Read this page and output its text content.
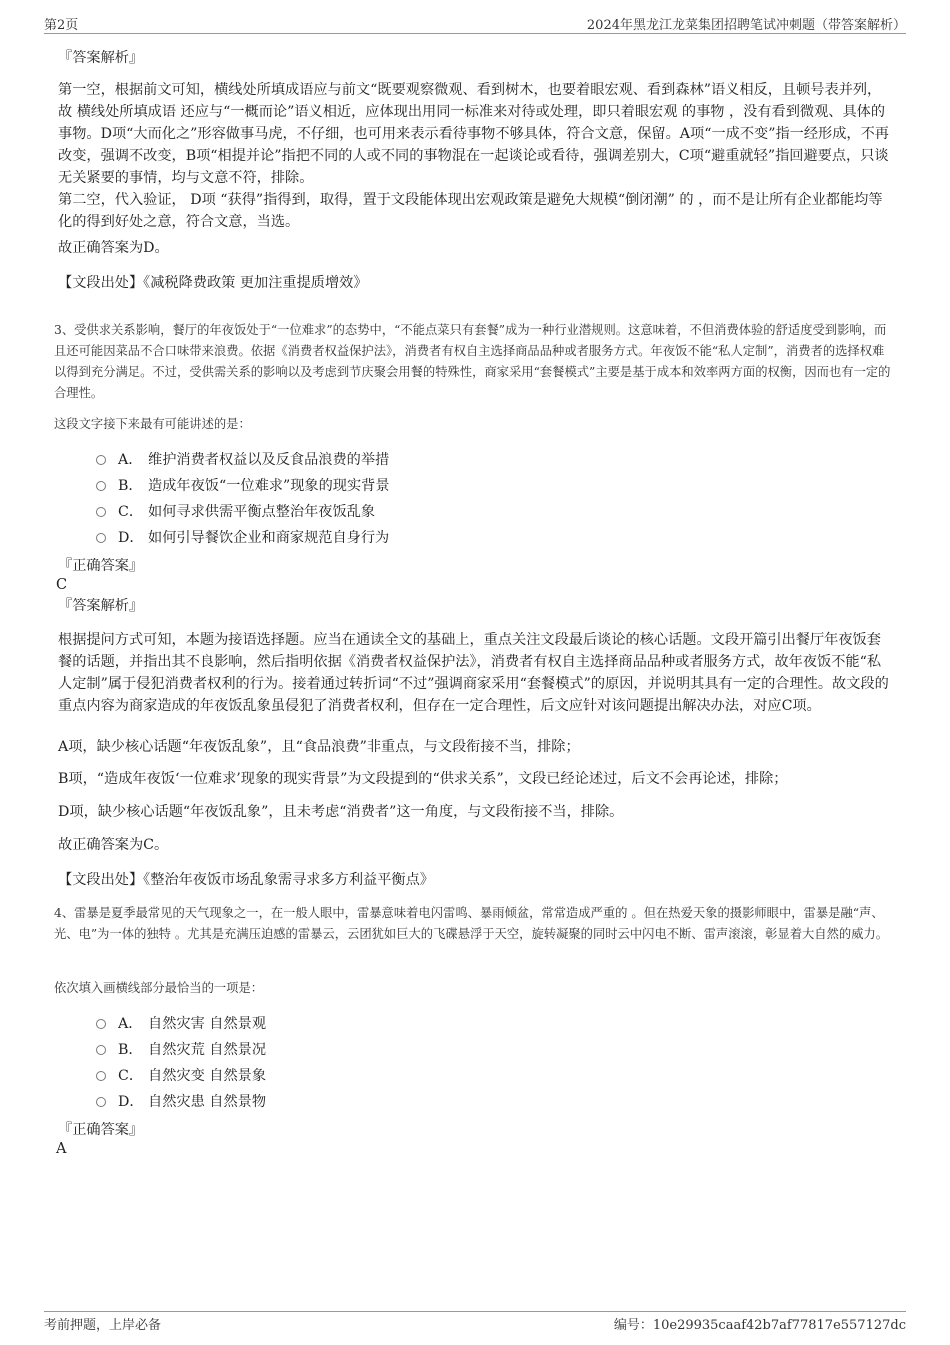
第2页	2024年黑龙江龙菜集团招聘笔试冲刺题（带答案解析）
『答案解析』
第一空，根据前文可知，横线处所填成语应与前文“既要观察微观、看到树木，也要着眼宏观、看到森林”语义相反，且顿号表并列，故 横线处所填成语 还应与“一概而论”语义相近，应体现出用同一标准来对待或处理，即只着眼宏观 的事物 ，没有看到微观、具体的事物。D项“大而化之”形容做事马虎，不仔细，也可用来表示看待事物不够具体，符合文意，保留。A项“一成不变”指一经形成，不再改变，强调不改变，B项“相提并论”指把不同的人或不同的事物混在一起谈论或看待，强调差别大，C项“避重就轻”指回避要点，只谈无关紧要的事情，均与文意不符，排除。
第二空，代入验证， D项 “获得”指得到，取得，置于文段能体现出宏观政策是避免大规模“倒闭潮” 的 ，而不是让所有企业都能均等化的得到好处之意，符合文意，当选。
故正确答案为D。
【文段出处】《减税降费政策 更加注重提质增效》
3、受供求关系影响，餐厅的年夜饭处于“一位难求”的态势中，“不能点菜只有套餐”成为一种行业潜规则。这意味着，不但消费体验的舒适度受到影响，而且还可能因菜品不合口味带来浪费。依据《消费者权益保护法》，消费者有权自主选择商品品种或者服务方式。年夜饭不能“私人定制”，消费者的选择权难以得到充分满足。不过，受供需关系的影响以及考虑到节庆聚会用餐的特殊性，商家采用“套餐模式”主要是基于成本和效率两方面的权衡，因而也有一定的合理性。
这段文字接下来最有可能讲述的是：
A． 维护消费者权益以及反食品浪费的举措
B． 造成年夜饭“一位难求”现象的现实背景
C． 如何寻求供需平衡点整治年夜饭乱象
D． 如何引导餐饮企业和商家规范自身行为
『正确答案』
C
『答案解析』
根据提问方式可知，本题为接语选择题。应当在通读全文的基础上，重点关注文段最后谈论的核心话题。文段开篇引出餐厅年夜饭套餐的话题，并指出其不良影响，然后指明依据《消费者权益保护法》，消费者有权自主选择商品品种或者服务方式，故年夜饭不能“私人定制”属于侵犯消费者权利的行为。接着通过转折词“不过”强调商家采用“套餐模式”的原因，并说明其具有一定的合理性。故文段的重点内容为商家造成的年夜饭乱象虽侵犯了消费者权利，但存在一定合理性，后文应针对该问题提出解决办法，对应C项。
A项，缺少核心话题“年夜饭乱象”，且“食品浪费”非重点，与文段衔接不当，排除；
B项，“造成年夜饭‘一位难求’现象的现实背景”为文段提到的“供求关系”，文段已经论述过，后文不会再论述，排除；
D项，缺少核心话题“年夜饭乱象”，且未考虑“消费者”这一角度，与文段衔接不当，排除。
故正确答案为C。
【文段出处】《整治年夜饭市场乱象需寻求多方利益平衡点》
4、雷暴是夏季最常见的天气现象之一，在一般人眼中，雷暴意味着电闪雷鸣、暴雨倾盆，常常造成严重的 。但在热爱天象的摄影师眼中，雷暴是融“声、光、电”为一体的独特 。尤其是充满压迫感的雷暴云，云团犹如巨大的飞碟悬浮于天空，旋转凝聚的同时云中闪电不断、雷声滚滚，彰显着大自然的威力。
依次填入画横线部分最恰当的一项是：
A． 自然灾害 自然景观
B． 自然灾荒 自然景况
C． 自然灾变 自然景象
D． 自然灾患 自然景物
『正确答案』
A
考前押题，上岸必备	编号：10e29935caaf42b7af77817e557127dc
